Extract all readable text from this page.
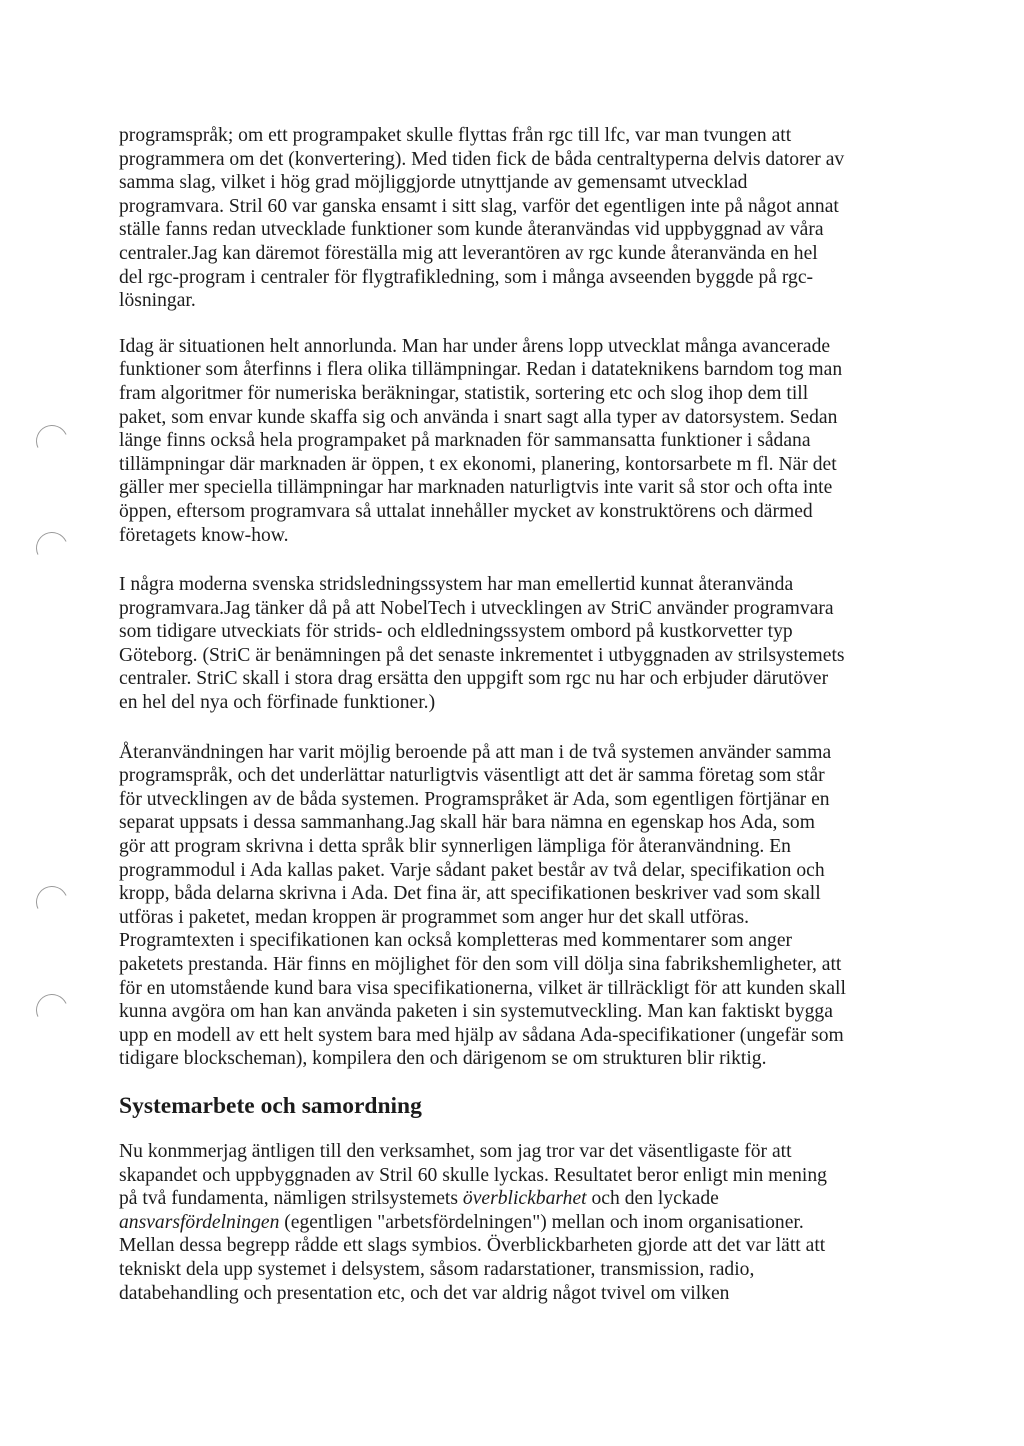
programspråk; om ett programpaket skulle flyttas från rgc till lfc, var man tvungen att
programmera om det (konvertering). Med tiden fick de båda centraltyperna delvis datorer av
samma slag, vilket i hög grad möjliggjorde utnyttjande av gemensamt utvecklad
programvara. Stril 60 var ganska ensamt i sitt slag, varför det egentligen inte på något annat
ställe fanns redan utvecklade funktioner som kunde återanvändas vid uppbyggnad av våra
centraler.Jag kan däremot föreställa mig att leverantören av rgc kunde återanvända en hel
del rgc-program i centraler för flygtrafikledning, som i många avseenden byggde på rgc-
lösningar.

Idag är situationen helt annorlunda. Man har under årens lopp utvecklat många avancerade
funktioner som återfinns i flera olika tillämpningar. Redan i datateknikens barndom tog man
fram algoritmer för numeriska beräkningar, statistik, sortering etc och slog ihop dem till
paket, som envar kunde skaffa sig och använda i snart sagt alla typer av datorsystem. Sedan
länge finns också hela programpaket på marknaden för sammansatta funktioner i sådana
tillämpningar där marknaden är öppen, t ex ekonomi, planering, kontorsarbete m fl. När det
gäller mer speciella tillämpningar har marknaden naturligtvis inte varit så stor och ofta inte
öppen, eftersom programvara så uttalat innehåller mycket av konstruktörens och därmed
företagets know-how.

I några moderna svenska stridsledningssystem har man emellertid kunnat återanvända
programvara.Jag tänker då på att NobelTech i utvecklingen av StriC använder programvara
som tidigare utveckiats för strids- och eldledningssystem ombord på kustkorvetter typ
Göteborg. (StriC är benämningen på det senaste inkrementet i utbyggnaden av strilsystemets
centraler. StriC skall i stora drag ersätta den uppgift som rgc nu har och erbjuder därutöver
en hel del nya och förfinade funktioner.)

Återanvändningen har varit möjlig beroende på att man i de två systemen använder samma
programspråk, och det underlättar naturligtvis väsentligt att det är samma företag som står
för utvecklingen av de båda systemen. Programspråket är Ada, som egentligen förtjänar en
separat uppsats i dessa sammanhang.Jag skall här bara nämna en egenskap hos Ada, som
gör att program skrivna i detta språk blir synnerligen lämpliga för återanvändning. En
programmodul i Ada kallas paket. Varje sådant paket består av två delar, specifikation och
kropp, båda delarna skrivna i Ada. Det fina är, att specifikationen beskriver vad som skall
utföras i paketet, medan kroppen är programmet som anger hur det skall utföras.
Programtexten i specifikationen kan också kompletteras med kommentarer som anger
paketets prestanda. Här finns en möjlighet för den som vill dölja sina fabrikshemligheter, att
för en utomstående kund bara visa specifikationerna, vilket är tillräckligt för att kunden skall
kunna avgöra om han kan använda paketen i sin systemutveckling. Man kan faktiskt bygga
upp en modell av ett helt system bara med hjälp av sådana Ada-specifikationer (ungefär som
tidigare blockscheman), kompilera den och därigenom se om strukturen blir riktig.

Systemarbete och samordning

Nu konmmerjag äntligen till den verksamhet, som jag tror var det väsentligaste för att
skapandet och uppbyggnaden av Stril 60 skulle lyckas. Resultatet beror enligt min mening
på två fundamenta, nämligen strilsystemets överblickbarhet och den lyckade
ansvarsfördelningen (egentligen "arbetsfördelningen") mellan och inom organisationer.
Mellan dessa begrepp rådde ett slags symbios. Överblickbarheten gjorde att det var lätt att
tekniskt dela upp systemet i delsystem, såsom radarstationer, transmission, radio,
databehandling och presentation etc, och det var aldrig något tvivel om vilken
